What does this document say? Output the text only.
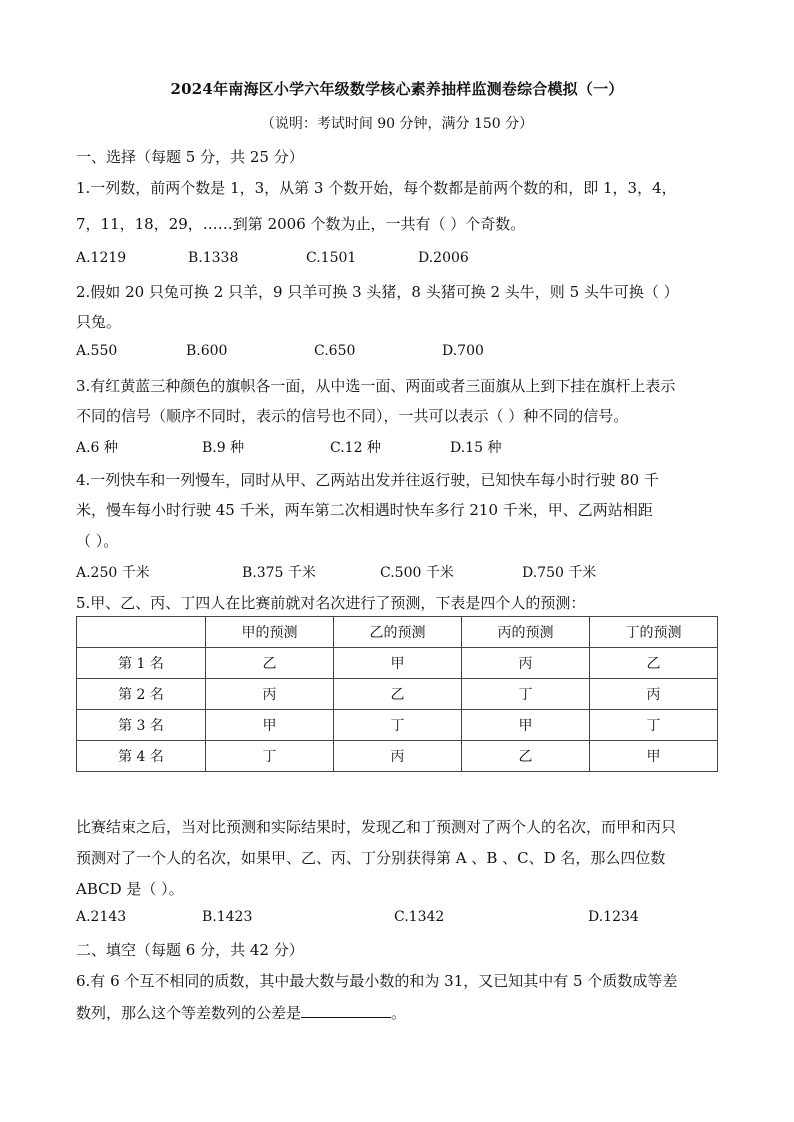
2024年南海区小学六年级数学核心素养抽样监测卷综合模拟（一）
（说明：考试时间 90 分钟，满分 150 分）
一、选择（每题 5 分，共 25 分）
1.一列数，前两个数是 1，3，从第 3 个数开始，每个数都是前两个数的和，即 1，3，4，
7，11，18，29，……到第 2006 个数为止，一共有（ ）个奇数。
A.1219	B.1338	C.1501	D.2006
2.假如 20 只兔可换 2 只羊，9 只羊可换 3 头猪，8 头猪可换 2 头牛，则 5 头牛可换（ ）
只兔。
A.550	B.600	C.650	D.700
3.有红黄蓝三种颜色的旗帜各一面，从中选一面、两面或者三面旗从上到下挂在旗杆上表示
不同的信号（顺序不同时，表示的信号也不同），一共可以表示（ ）种不同的信号。
A.6 种	B.9 种	C.12 种	D.15 种
4.一列快车和一列慢车，同时从甲、乙两站出发并往返行驶，已知快车每小时行驶 80 千
米，慢车每小时行驶 45 千米，两车第二次相遇时快车多行 210 千米，甲、乙两站相距
（ ）。
A.250 千米	B.375 千米	C.500 千米	D.750 千米
5.甲、乙、丙、丁四人在比赛前就对名次进行了预测，下表是四个人的预测：
	甲的预测	乙的预测	丙的预测	丁的预测
第 1 名	乙	甲	丙	乙
第 2 名	丙	乙	丁	丙
第 3 名	甲	丁	甲	丁
第 4 名	丁	丙	乙	甲
比赛结束之后，当对比预测和实际结果时，发现乙和丁预测对了两个人的名次，而甲和丙只
预测对了一个人的名次，如果甲、乙、丙、丁分别获得第 A 、B 、C、D 名，那么四位数
ABCD 是（ ）。
A.2143	B.1423	C.1342	D.1234
二、填空（每题 6 分，共 42 分）
6.有 6 个互不相同的质数，其中最大数与最小数的和为 31，又已知其中有 5 个质数成等差
数列，那么这个等差数列的公差是	。
